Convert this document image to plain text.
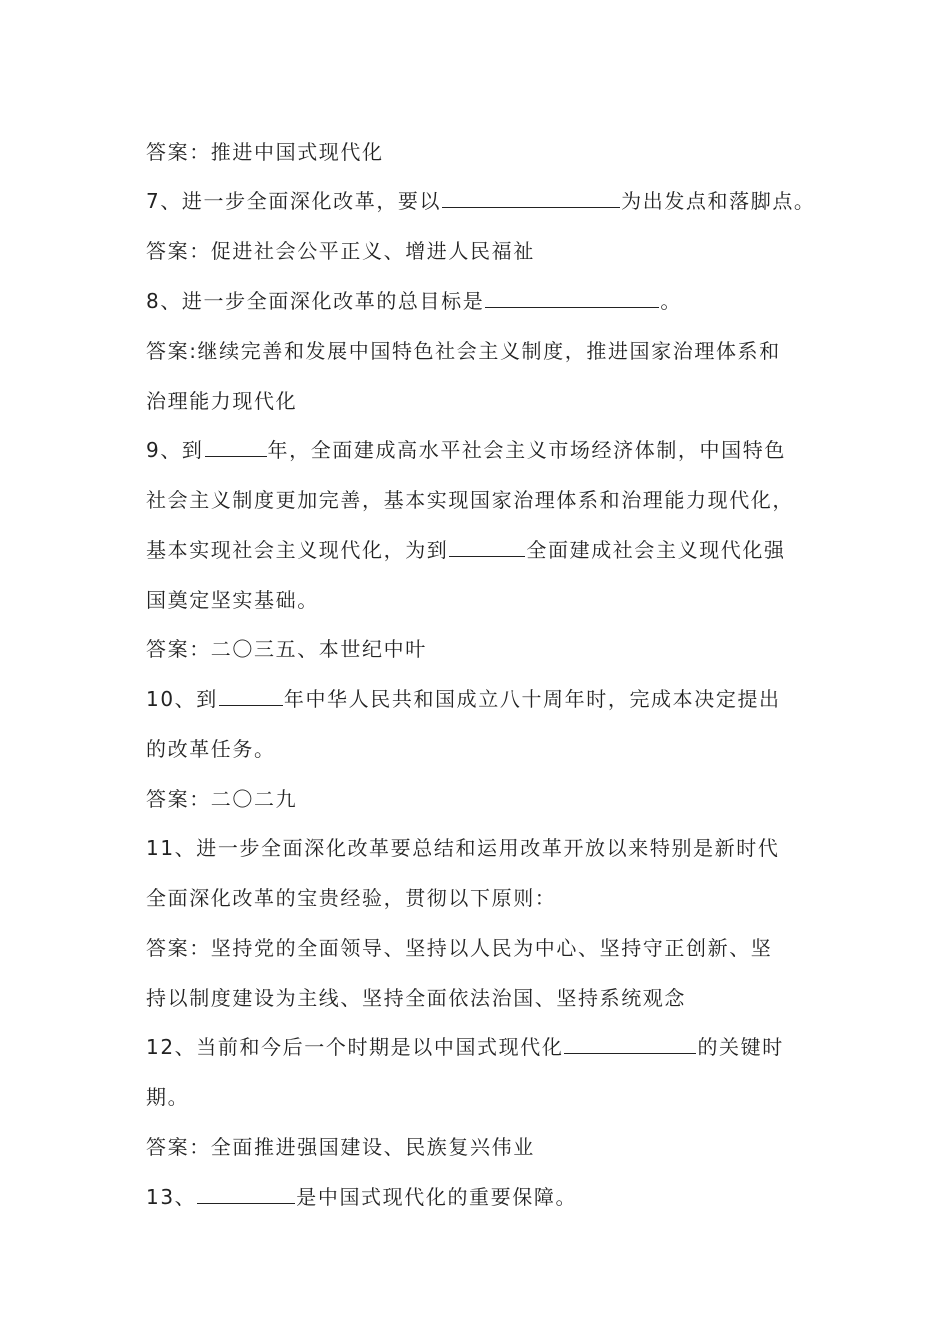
答案：推进中国式现代化
7、进一步全面深化改革，要以	为出发点和落脚点。
答案：促进社会公平正义、增进人民福祉
8、进一步全面深化改革的总目标是	。
答案:继续完善和发展中国特色社会主义制度，推进国家治理体系和
治理能力现代化
9、到	年，全面建成高水平社会主义市场经济体制，中国特色
社会主义制度更加完善，基本实现国家治理体系和治理能力现代化，
基本实现社会主义现代化，为到	全面建成社会主义现代化强
国奠定坚实基础。
答案：二〇三五、本世纪中叶
10、到	年中华人民共和国成立八十周年时，完成本决定提出
的改革任务。
答案：二〇二九
11、进一步全面深化改革要总结和运用改革开放以来特别是新时代
全面深化改革的宝贵经验，贯彻以下原则：
答案：坚持党的全面领导、坚持以人民为中心、坚持守正创新、坚
持以制度建设为主线、坚持全面依法治国、坚持系统观念
12、当前和今后一个时期是以中国式现代化	的关键时
期。
答案：全面推进强国建设、民族复兴伟业
13、	是中国式现代化的重要保障。
